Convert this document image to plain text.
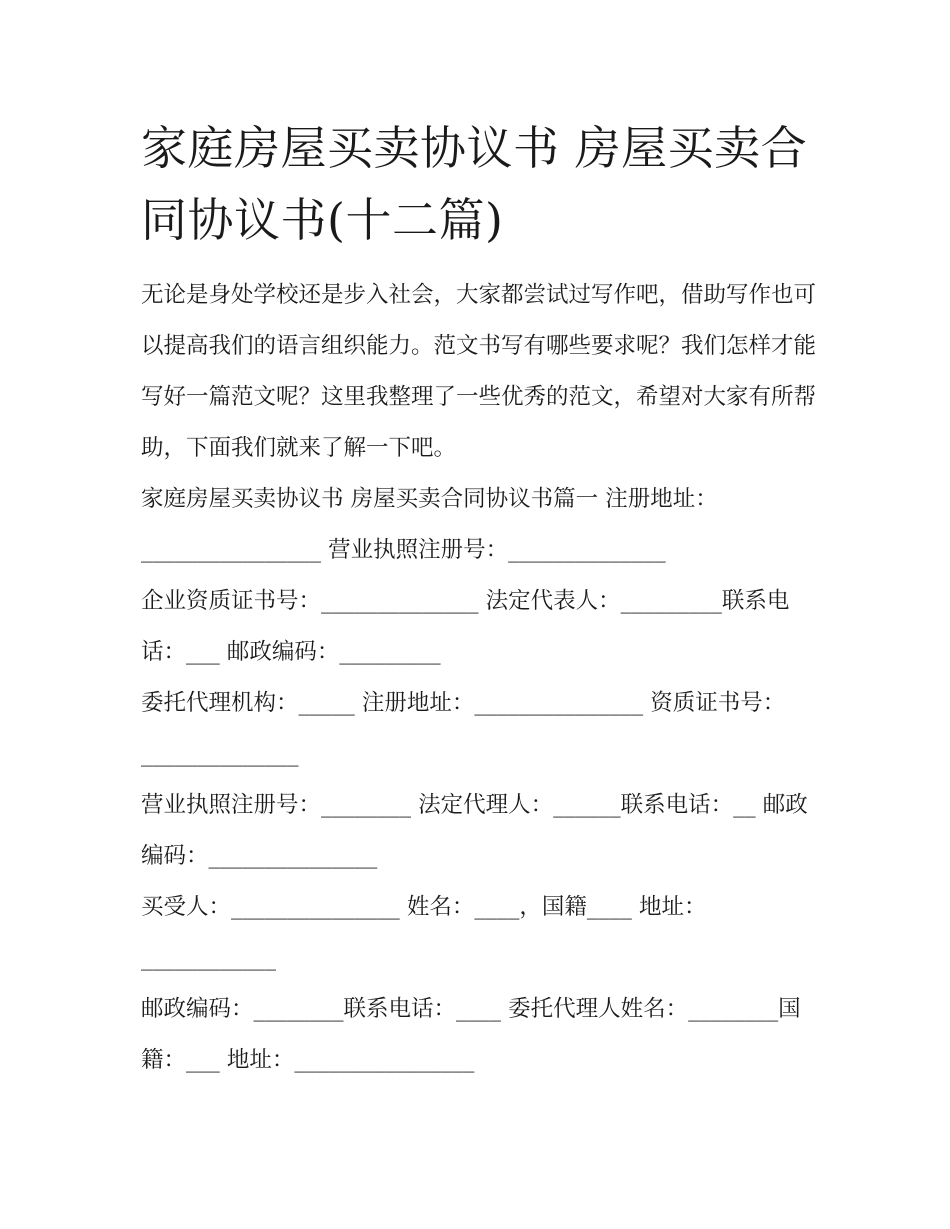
家庭房屋买卖协议书 房屋买卖合同协议书(十二篇)

无论是身处学校还是步入社会，大家都尝试过写作吧，借助写作也可以提高我们的语言组织能力。范文书写有哪些要求呢？我们怎样才能写好一篇范文呢？这里我整理了一些优秀的范文，希望对大家有所帮助，下面我们就来了解一下吧。

家庭房屋买卖协议书 房屋买卖合同协议书篇一 注册地址：________________ 营业执照注册号：______________

企业资质证书号：______________ 法定代表人：_________联系电话：___ 邮政编码：_________

委托代理机构：_____ 注册地址：_______________ 资质证书号：______________

营业执照注册号：________ 法定代理人：______联系电话：__ 邮政编码：_______________

买受人：_______________ 姓名：____，国籍____ 地址：____________

邮政编码：________联系电话：____ 委托代理人姓名：________国籍：___ 地址：________________
